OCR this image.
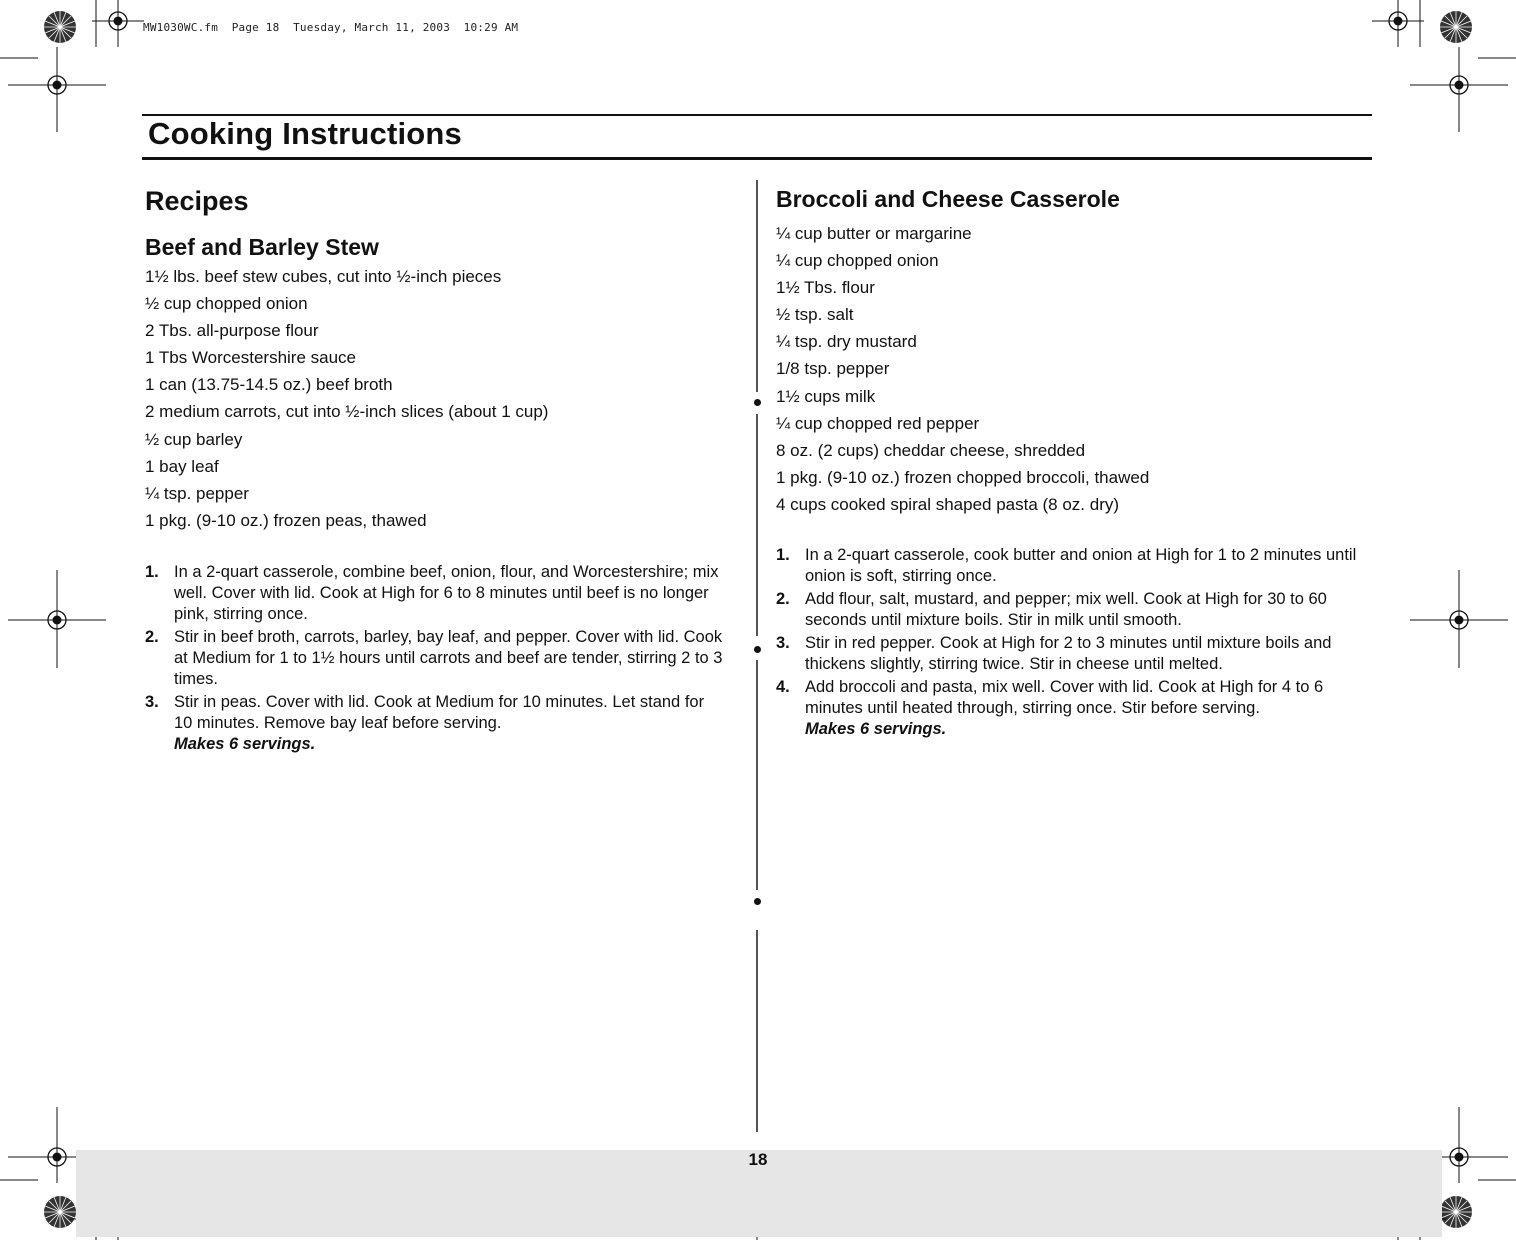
MW1030WC.fm  Page 18  Tuesday, March 11, 2003  10:29 AM
18
Cooking Instructions
Recipes
Beef and Barley Stew
1½ lbs. beef stew cubes, cut into ½-inch pieces
½ cup chopped onion
2 Tbs. all-purpose flour
1 Tbs Worcestershire sauce
1 can (13.75-14.5 oz.) beef broth
2 medium carrots, cut into ½-inch slices (about 1 cup)
½ cup barley
1 bay leaf
¼ tsp. pepper
1 pkg. (9-10 oz.) frozen peas, thawed
1. In a 2-quart casserole, combine beef, onion, flour, and Worcestershire; mix well. Cover with lid. Cook at High for 6 to 8 minutes until beef is no longer pink, stirring once.
2. Stir in beef broth, carrots, barley, bay leaf, and pepper. Cover with lid. Cook at Medium for 1 to 1½ hours until carrots and beef are tender, stirring 2 to 3 times.
3. Stir in peas. Cover with lid. Cook at Medium for 10 minutes. Let stand for 10 minutes. Remove bay leaf before serving.
Makes 6 servings.
Broccoli and Cheese Casserole
¼ cup butter or margarine
¼ cup chopped onion
1½ Tbs. flour
½ tsp. salt
¼ tsp. dry mustard
1/8 tsp. pepper
1½ cups milk
¼ cup chopped red pepper
8 oz. (2 cups) cheddar cheese, shredded
1 pkg. (9-10 oz.) frozen chopped broccoli, thawed
4 cups cooked spiral shaped pasta (8 oz. dry)
1. In a 2-quart casserole, cook butter and onion at High for 1 to 2 minutes until onion is soft, stirring once.
2. Add flour, salt, mustard, and pepper; mix well. Cook at High for 30 to 60 seconds until mixture boils. Stir in milk until smooth.
3. Stir in red pepper. Cook at High for 2 to 3 minutes until mixture boils and thickens slightly, stirring twice. Stir in cheese until melted.
4. Add broccoli and pasta, mix well. Cover with lid. Cook at High for 4 to 6 minutes until heated through, stirring once. Stir before serving.
Makes 6 servings.
